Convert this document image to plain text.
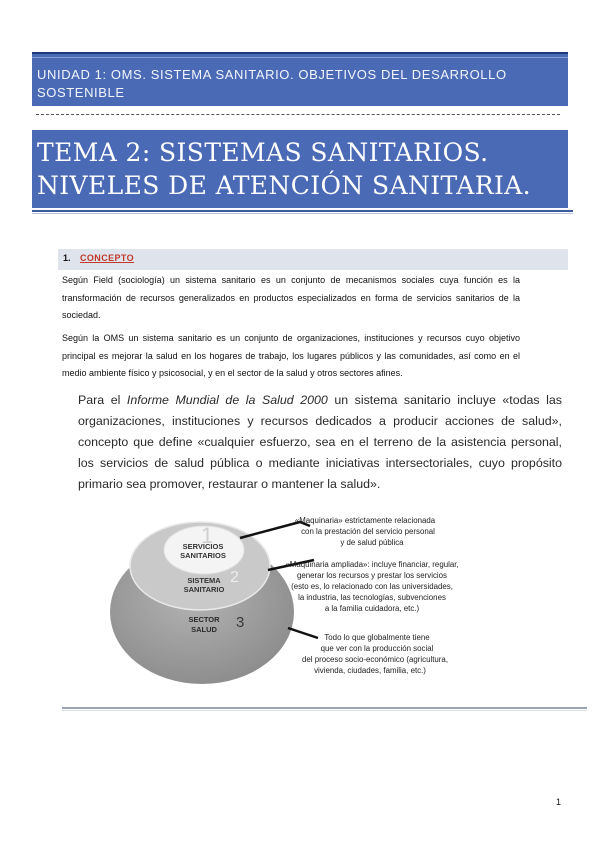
UNIDAD 1: OMS. SISTEMA SANITARIO. OBJETIVOS DEL DESARROLLO SOSTENIBLE
TEMA 2: SISTEMAS SANITARIOS. NIVELES DE ATENCIÓN SANITARIA.
1. CONCEPTO
Según Field (sociología) un sistema sanitario es un conjunto de mecanismos sociales cuya función es la transformación de recursos generalizados en productos especializados en forma de servicios sanitarios de la sociedad.
Según la OMS un sistema sanitario es un conjunto de organizaciones, instituciones y recursos cuyo objetivo principal es mejorar la salud en los hogares de trabajo, los lugares públicos y las comunidades, así como en el medio ambiente físico y psicosocial, y en el sector de la salud y otros sectores afines.
Para el Informe Mundial de la Salud 2000 un sistema sanitario incluye «todas las organizaciones, instituciones y recursos dedicados a producir acciones de salud», concepto que define «cualquier esfuerzo, sea en el terreno de la asistencia personal, los servicios de salud pública o mediante iniciativas intersectoriales, cuyo propósito primario sea promover, restaurar o mantener la salud».
1
SERVICIOS
SANITARIOS
2
SISTEMA
SANITARIO
3
SECTOR
SALUD
«Maquinaria» estrictamente relacionada
con la prestación del servicio personal
y de salud pública
«Maquinaria ampliada»: incluye financiar, regular,
generar los recursos y prestar los servicios
(esto es, lo relacionado con las universidades,
la industria, las tecnologías, subvenciones
a la familia cuidadora, etc.)
Todo lo que globalmente tiene
que ver con la producción social
del proceso socio-económico (agricultura,
vivienda, ciudades, familia, etc.)
1
